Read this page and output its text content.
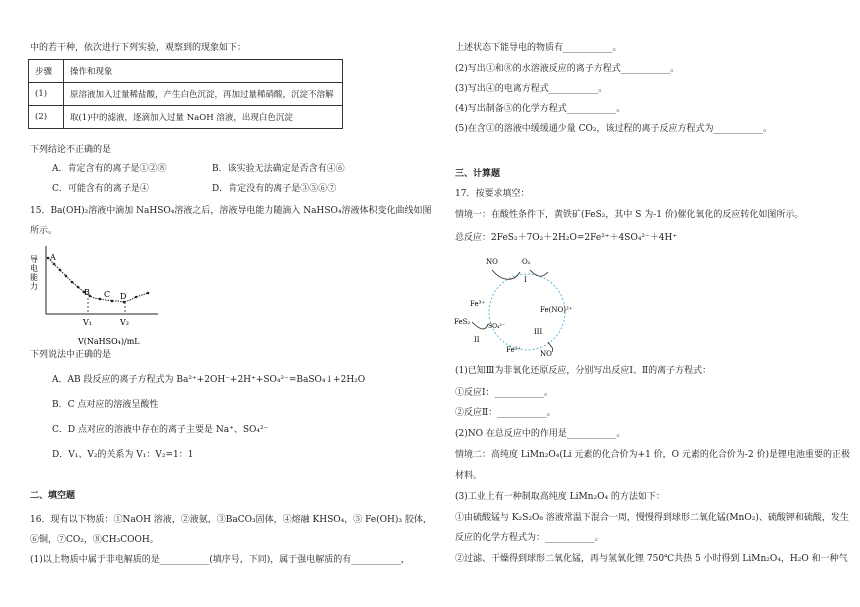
中的若干种，依次进行下列实验，观察到的现象如下：
步骤	操作和现象
(1)	原溶液加入过量稀盐酸，产生白色沉淀，再加过量稀硝酸，沉淀不溶解
(2)	取(1)中的滤液，逐滴加入过量 NaOH 溶液，出现白色沉淀
下列结论不正确的是
A．肯定含有的离子是①②⑧	B．该实验无法确定是否含有④⑥
C．可能含有的离子是④	D．肯定没有的离子是③⑤⑥⑦
15．Ba(OH)₂溶液中滴加 NaHSO₄溶液之后，溶液导电能力随滴入 NaHSO₄溶液体积变化曲线如图
所示。
导
电
能
力
A
B C D
V₁	V₂
V(NaHSO₄)/mL
下列说法中正确的是
A．AB 段反应的离子方程式为 Ba²⁺+2OH⁻+2H⁺+SO₄²⁻=BaSO₄↓+2H₂O
B．C 点对应的溶液呈酸性
C．D 点对应的溶液中存在的离子主要是 Na⁺、SO₄²⁻
D．V₁、V₂的关系为 V₁：V₂=1：1
二、填空题
16．现有以下物质：①NaOH 溶液，②液氨，③BaCO₃固体，④熔融 KHSO₄，⑤ Fe(OH)₃ 胶体，
⑥铜，⑦CO₂，⑧CH₃COOH。
(1)以上物质中属于非电解质的是___________(填序号，下同)，属于强电解质的有___________，
上述状态下能导电的物质有___________。
(2)写出①和⑧的水溶液反应的离子方程式___________。
(3)写出④的电离方程式___________。
(4)写出制备⑤的化学方程式___________。
(5)在含①的溶液中缓缓通少量 CO₂，该过程的离子反应方程式为___________。
三、计算题
17．按要求填空：
情境一：在酸性条件下，黄铁矿(FeS₂，其中 S 为-1 价)催化氧化的反应转化如图所示。
总反应：2FeS₂＋7O₂＋2H₂O=2Fe²⁺＋4SO₄²⁻＋4H⁺
NO	O₂
I
Fe³⁺
Fe(NO)²⁺
FeS₂
SO₄²⁻
II
III
Fe²⁺	NO
(1)已知Ⅲ为非氧化还原反应，分别写出反应Ⅰ、Ⅱ的离子方程式：
①反应Ⅰ：___________。
②反应Ⅱ：___________。
(2)NO 在总反应中的作用是___________。
情境二：高纯度 LiMn₂O₄(Li 元素的化合价为+1 价，O 元素的化合价为-2 价)是锂电池重要的正极
材料。
(3)工业上有一种制取高纯度 LiMn₂O₄ 的方法如下：
①由硫酸锰与 K₂S₂O₈ 溶液常温下混合一周，慢慢得到球形二氧化锰(MnO₂)、硫酸钾和硫酸，发生
反应的化学方程式为：___________。
②过滤、干燥得到球形二氧化锰，再与氢氧化锂 750℃共热 5 小时得到 LiMn₂O₄，H₂O 和一种气
